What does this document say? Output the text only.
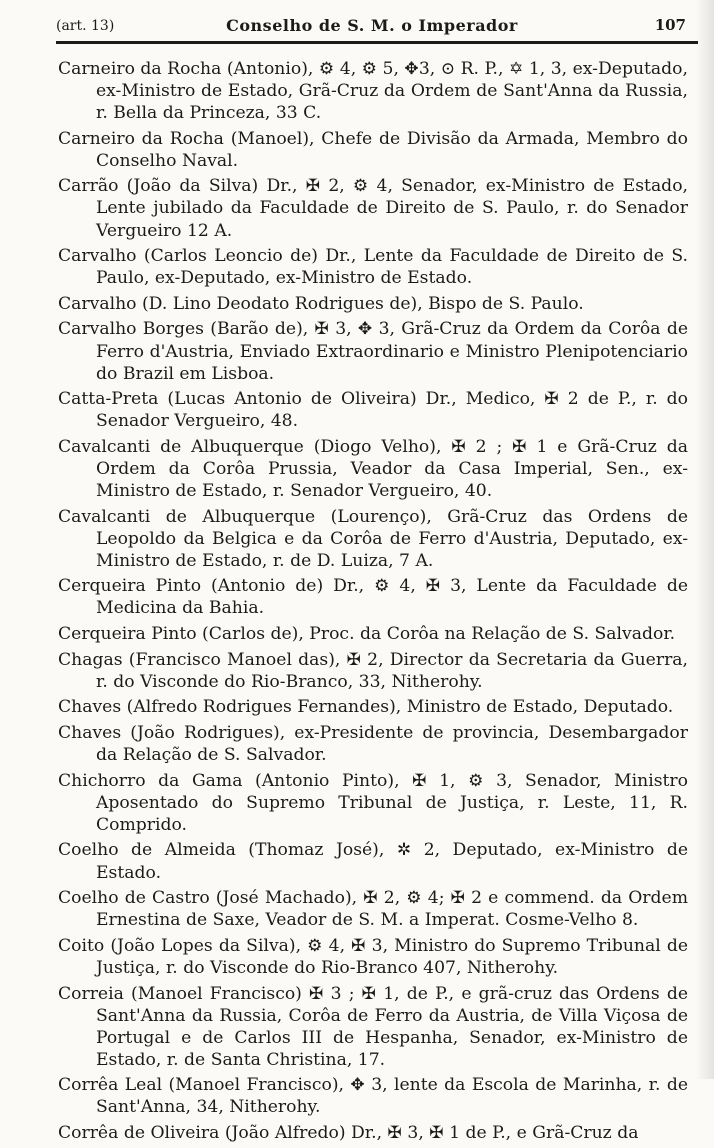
(art. 13)	Conselho de S. M. o Imperador	107

Carneiro da Rocha (Antonio), ⚙ 4, ⚙ 5, ✥3, ⊙ R. P., ✡ 1, 3, ex-Deputado, ex-Ministro de Estado, Grã-Cruz da Ordem de Sant'Anna da Russia, r. Bella da Princeza, 33 C.

Carneiro da Rocha (Manoel), Chefe de Divisão da Armada, Membro do Conselho Naval.

Carrão (João da Silva) Dr., ✠ 2, ⚙ 4, Senador, ex-Ministro de Estado, Lente jubilado da Faculdade de Direito de S. Paulo, r. do Senador Vergueiro 12 A.

Carvalho (Carlos Leoncio de) Dr., Lente da Faculdade de Direito de S. Paulo, ex-Deputado, ex-Ministro de Estado.

Carvalho (D. Lino Deodato Rodrigues de), Bispo de S. Paulo.

Carvalho Borges (Barão de), ✠ 3, ✥ 3, Grã-Cruz da Ordem da Corôa de Ferro d'Austria, Enviado Extraordinario e Ministro Plenipotenciario do Brazil em Lisboa.

Catta-Preta (Lucas Antonio de Oliveira) Dr., Medico, ✠ 2 de P., r. do Senador Vergueiro, 48.

Cavalcanti de Albuquerque (Diogo Velho), ✠ 2 ; ✠ 1 e Grã-Cruz da Ordem da Corôa Prussia, Veador da Casa Imperial, Sen., ex-Ministro de Estado, r. Senador Vergueiro, 40.

Cavalcanti de Albuquerque (Lourenço), Grã-Cruz das Ordens de Leopoldo da Belgica e da Corôa de Ferro d'Austria, Deputado, ex-Ministro de Estado, r. de D. Luiza, 7 A.

Cerqueira Pinto (Antonio de) Dr., ⚙ 4, ✠ 3, Lente da Faculdade de Medicina da Bahia.

Cerqueira Pinto (Carlos de), Proc. da Corôa na Relação de S. Salvador.

Chagas (Francisco Manoel das), ✠ 2, Director da Secretaria da Guerra, r. do Visconde do Rio-Branco, 33, Nitherohy.

Chaves (Alfredo Rodrigues Fernandes), Ministro de Estado, Deputado.

Chaves (João Rodrigues), ex-Presidente de provincia, Desembargador da Relação de S. Salvador.

Chichorro da Gama (Antonio Pinto), ✠ 1, ⚙ 3, Senador, Ministro Aposentado do Supremo Tribunal de Justiça, r. Leste, 11, R. Comprido.

Coelho de Almeida (Thomaz José), ✲ 2, Deputado, ex-Ministro de Estado.

Coelho de Castro (José Machado), ✠ 2, ⚙ 4; ✠ 2 e commend. da Ordem Ernestina de Saxe, Veador de S. M. a Imperat. Cosme-Velho 8.

Coito (João Lopes da Silva), ⚙ 4, ✠ 3, Ministro do Supremo Tribunal de Justiça, r. do Visconde do Rio-Branco 407, Nitherohy.

Correia (Manoel Francisco) ✠ 3 ; ✠ 1, de P., e grã-cruz das Ordens de Sant'Anna da Russia, Corôa de Ferro da Austria, de Villa Viçosa de Portugal e de Carlos III de Hespanha, Senador, ex-Ministro de Estado, r. de Santa Christina, 17.

Corrêa Leal (Manoel Francisco), ✥ 3, lente da Escola de Marinha, r. de Sant'Anna, 34, Nitherohy.

Corrêa de Oliveira (João Alfredo) Dr., ✠ 3, ✠ 1 de P., e Grã-Cruz da
